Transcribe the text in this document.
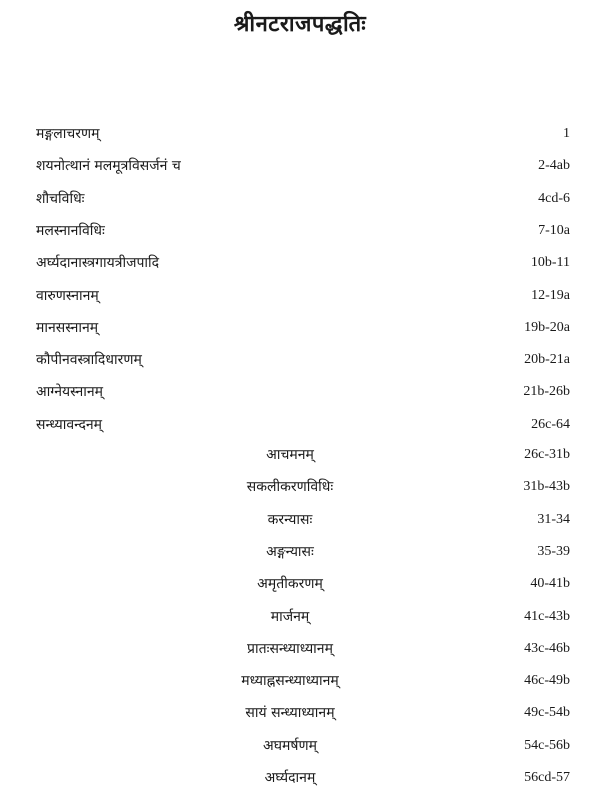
श्रीनटराजपद्धतिः
मङ्गलाचरणम्	1
शयनोत्थानं मलमूत्रविसर्जनं च	2-4ab
शौचविधिः	4cd-6
मलस्नानविधिः	7-10a
अर्घ्यदानास्त्रगायत्रीजपादि	10b-11
वारुणस्नानम्	12-19a
मानसस्नानम्	19b-20a
कौपीनवस्त्रादिधारणम्	20b-21a
आग्नेयस्नानम्	21b-26b
सन्ध्यावन्दनम्	26c-64
आचमनम्	26c-31b
सकलीकरणविधिः	31b-43b
करन्यासः	31-34
अङ्गन्यासः	35-39
अमृतीकरणम्	40-41b
मार्जनम्	41c-43b
प्रातःसन्ध्याध्यानम्	43c-46b
मध्याह्नसन्ध्याध्यानम्	46c-49b
सायं सन्ध्याध्यानम्	49c-54b
अघमर्षणम्	54c-56b
अर्घ्यदानम्	56cd-57
